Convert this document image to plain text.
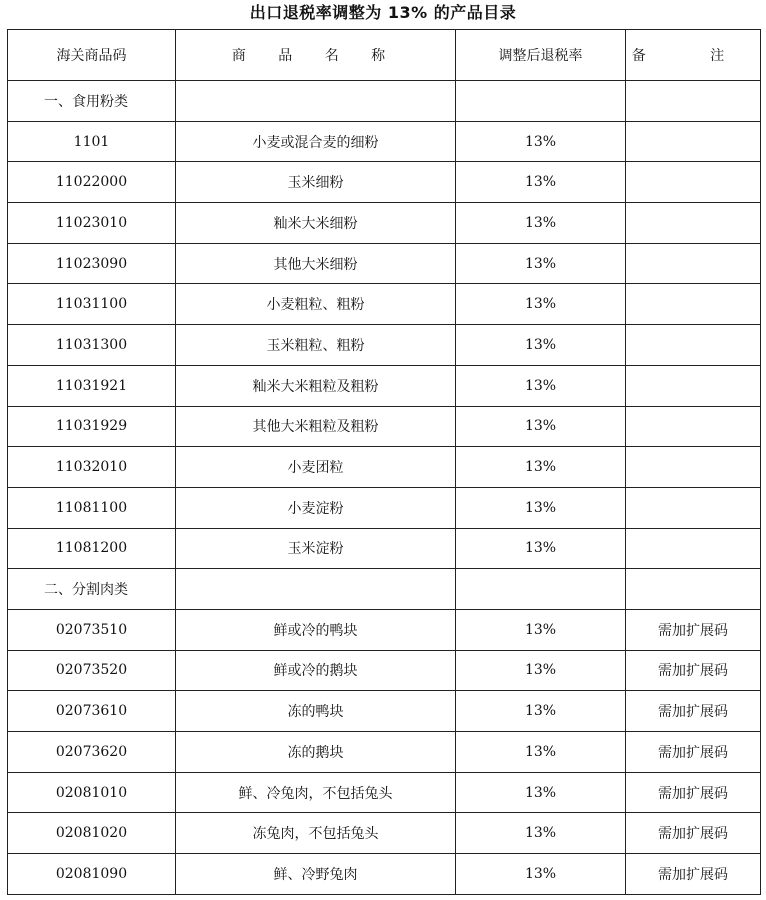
出口退税率调整为 13% 的产品目录
海关商品码	商 品 名 称	调整后退税率	备 注
一、食用粉类			
1101	小麦或混合麦的细粉	13%	
11022000	玉米细粉	13%	
11023010	籼米大米细粉	13%	
11023090	其他大米细粉	13%	
11031100	小麦粗粒、粗粉	13%	
11031300	玉米粗粒、粗粉	13%	
11031921	籼米大米粗粒及粗粉	13%	
11031929	其他大米粗粒及粗粉	13%	
11032010	小麦团粒	13%	
11081100	小麦淀粉	13%	
11081200	玉米淀粉	13%	
二、分割肉类			
02073510	鲜或冷的鸭块	13%	需加扩展码
02073520	鲜或冷的鹅块	13%	需加扩展码
02073610	冻的鸭块	13%	需加扩展码
02073620	冻的鹅块	13%	需加扩展码
02081010	鲜、冷兔肉，不包括兔头	13%	需加扩展码
02081020	冻兔肉，不包括兔头	13%	需加扩展码
02081090	鲜、冷野兔肉	13%	需加扩展码
